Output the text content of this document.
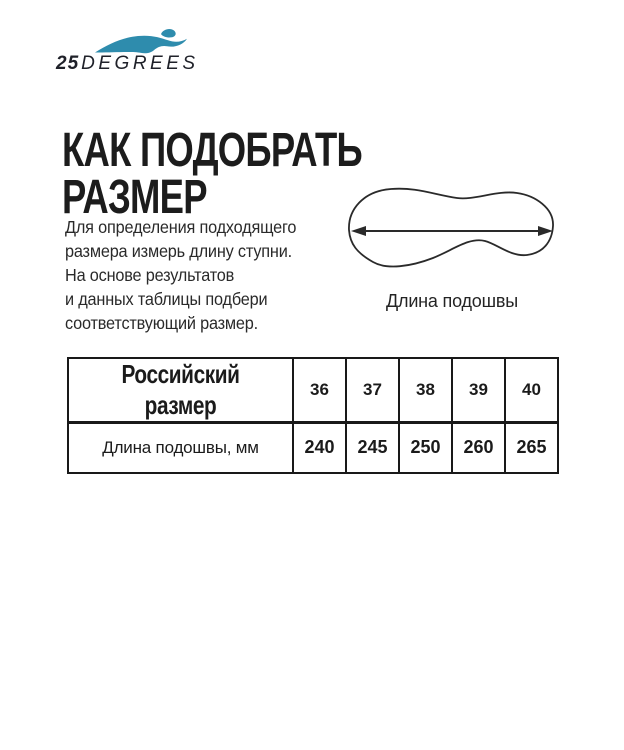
25 DEGREES
КАК ПОДОБРАТЬ
РАЗМЕР

Для определения подходящего
размера измерь длину ступни.
На основе результатов
и данных таблицы подбери
соответствующий размер.

Длина подошвы
Российский размер	36	37	38	39	40
Длина подошвы, мм	240	245	250	260	265
